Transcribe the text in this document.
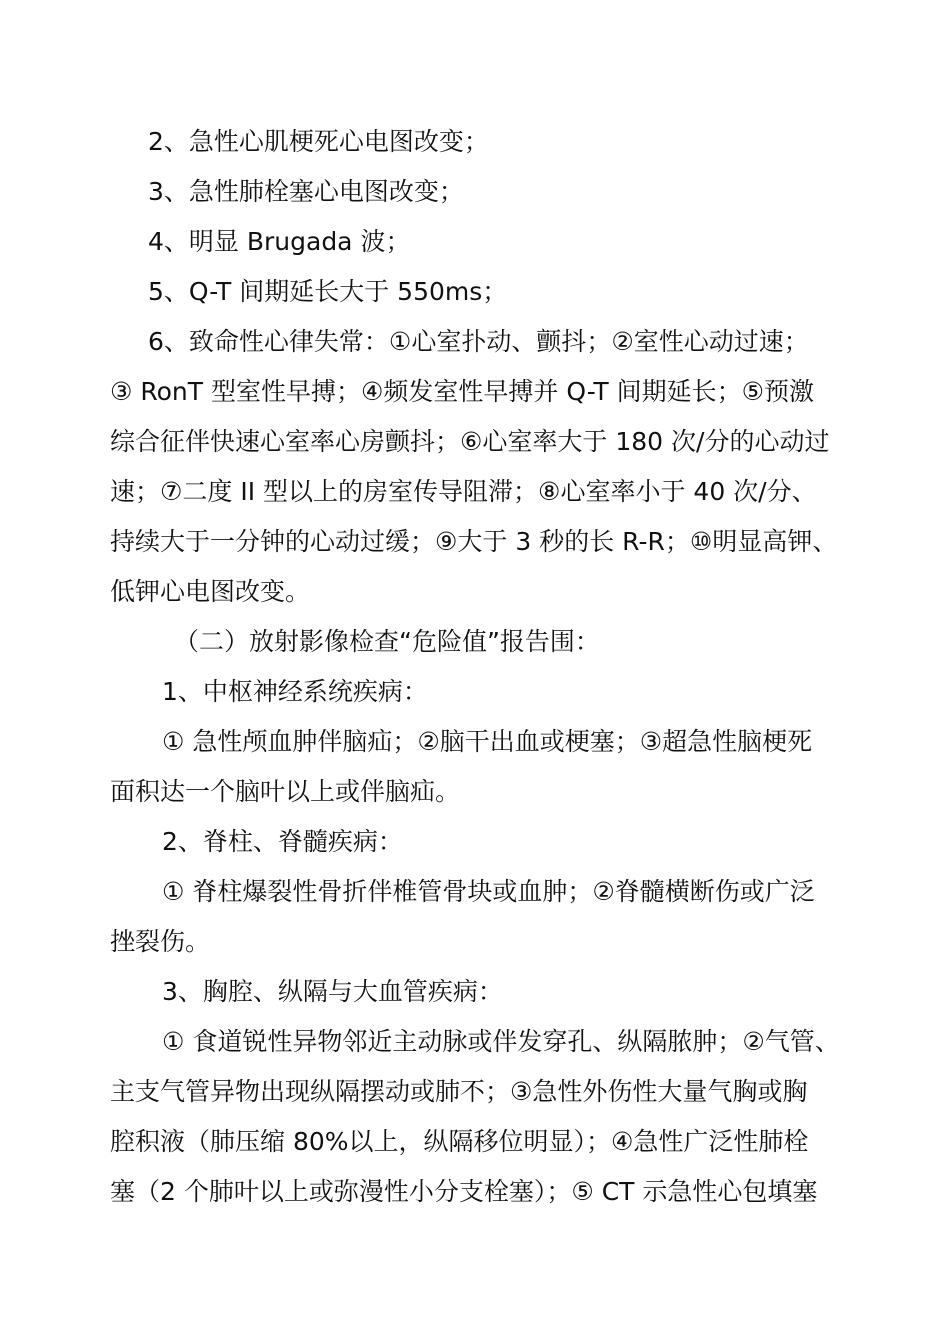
2、急性心肌梗死心电图改变；

3、急性肺栓塞心电图改变；

4、明显 Brugada 波；

5、Q-T 间期延长大于 550ms；

6、致命性心律失常：①心室扑动、颤抖；②室性心动过速；

③ RonT 型室性早搏；④频发室性早搏并 Q-T 间期延长；⑤预激

综合征伴快速心室率心房颤抖；⑥心室率大于 180 次/分的心动过

速；⑦二度 II 型以上的房室传导阻滞；⑧心室率小于 40 次/分、

持续大于一分钟的心动过缓；⑨大于 3 秒的长 R-R；⑩明显高钾、

低钾心电图改变。

（二）放射影像检查“危险值”报告围：

1、中枢神经系统疾病：

① 急性颅血肿伴脑疝；②脑干出血或梗塞；③超急性脑梗死

面积达一个脑叶以上或伴脑疝。

2、脊柱、脊髓疾病：

① 脊柱爆裂性骨折伴椎管骨块或血肿；②脊髓横断伤或广泛

挫裂伤。

3、胸腔、纵隔与大血管疾病：

① 食道锐性异物邻近主动脉或伴发穿孔、纵隔脓肿；②气管、

主支气管异物出现纵隔摆动或肺不；③急性外伤性大量气胸或胸

腔积液（肺压缩 80%以上，纵隔移位明显）；④急性广泛性肺栓

塞（2 个肺叶以上或弥漫性小分支栓塞）；⑤ CT 示急性心包填塞
